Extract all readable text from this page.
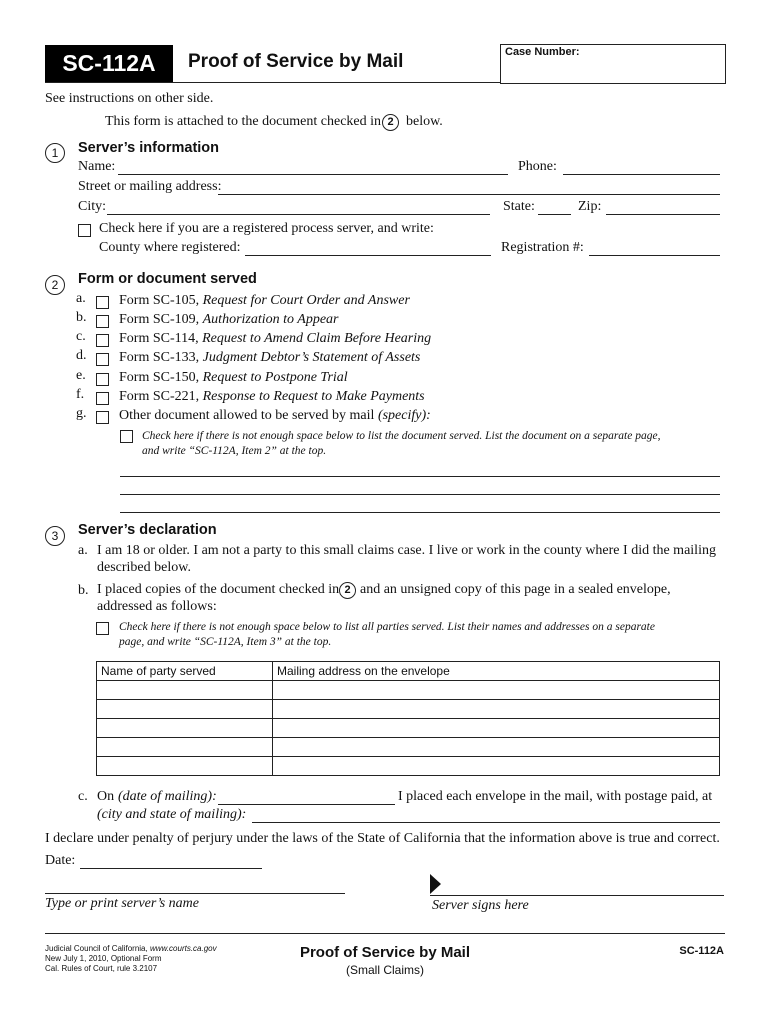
SC-112A	Proof of Service by Mail	Case Number:
See instructions on other side.
This form is attached to the document checked in 2 below.
1	Server’s information
Name:	Phone:
Street or mailing address:
City:	State:	Zip:
Check here if you are a registered process server, and write:
County where registered:	Registration #:
2	Form or document served
a. Form SC-105, Request for Court Order and Answer
b. Form SC-109, Authorization to Appear
c. Form SC-114, Request to Amend Claim Before Hearing
d. Form SC-133, Judgment Debtor’s Statement of Assets
e. Form SC-150, Request to Postpone Trial
f. Form SC-221, Response to Request to Make Payments
g. Other document allowed to be served by mail (specify):
Check here if there is not enough space below to list the document served. List the document on a separate page,
and write “SC-112A, Item 2” at the top.
3	Server’s declaration
a. I am 18 or older. I am not a party to this small claims case. I live or work in the county where I did the mailing
described below.
b. I placed copies of the document checked in 2 and an unsigned copy of this page in a sealed envelope,
addressed as follows:
Check here if there is not enough space below to list all parties served. List their names and addresses on a separate
page, and write “SC-112A, Item 3” at the top.
Name of party served	Mailing address on the envelope

c. On (date of mailing):	I placed each envelope in the mail, with postage paid, at
(city and state of mailing):
I declare under penalty of perjury under the laws of the State of California that the information above is true and correct.
Date:
Type or print server’s name	Server signs here
Judicial Council of California, www.courts.ca.gov
New July 1, 2010, Optional Form
Cal. Rules of Court, rule 3.2107
Proof of Service by Mail
(Small Claims)
SC-112A
